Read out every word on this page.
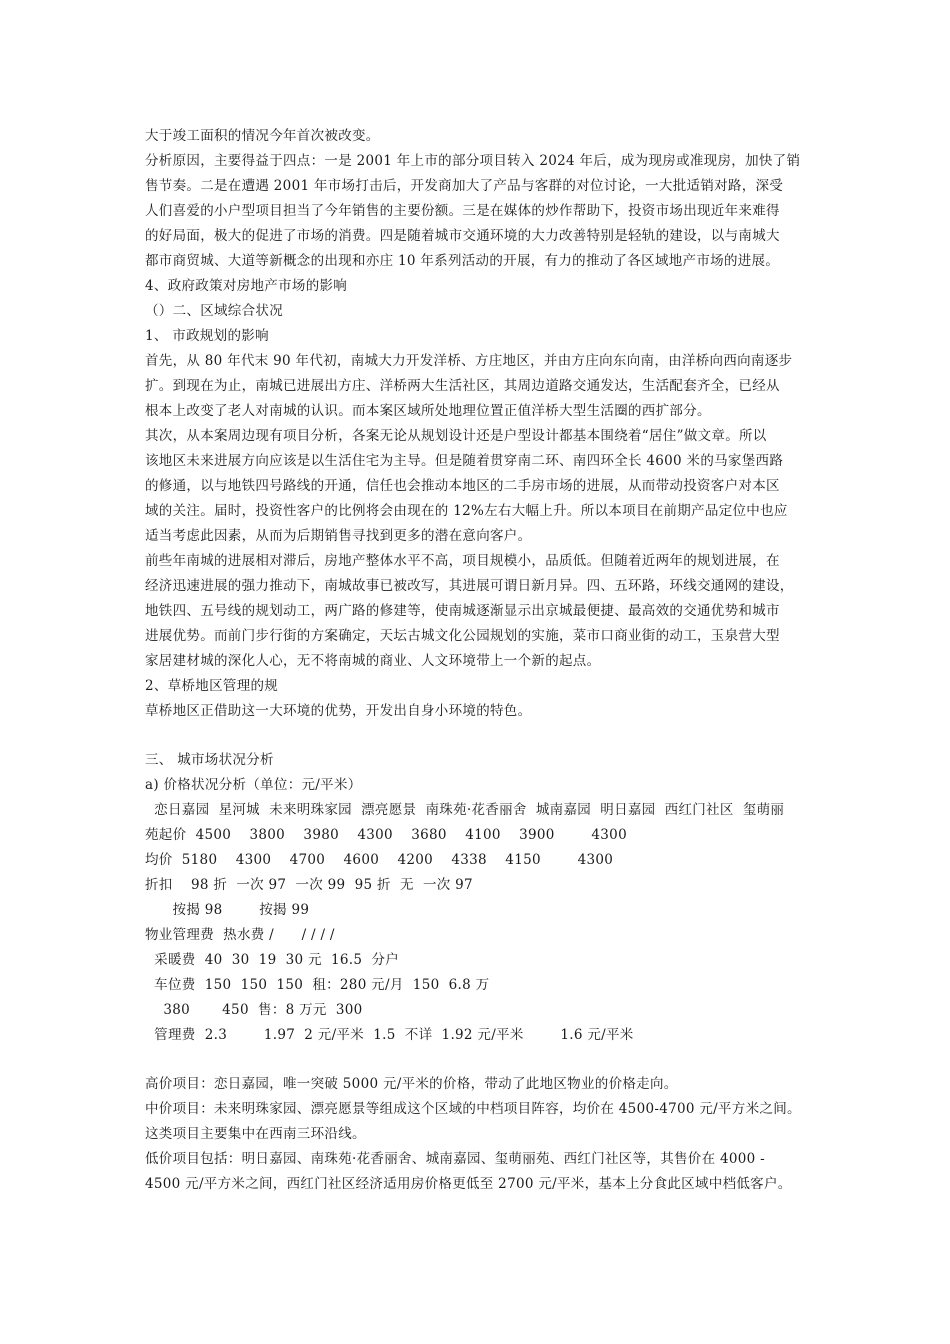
大于竣工面积的情况今年首次被改变。
分析原因，主要得益于四点：一是 2001 年上市的部分项目转入 2024 年后，成为现房或准现房，加快了销
售节奏。二是在遭遇 2001 年市场打击后，开发商加大了产品与客群的对位讨论，一大批适销对路，深受
人们喜爱的小户型项目担当了今年销售的主要份额。三是在媒体的炒作帮助下，投资市场出现近年来难得
的好局面，极大的促进了市场的消费。四是随着城市交通环境的大力改善特别是轻轨的建设，以与南城大
都市商贸城、大道等新概念的出现和亦庄 10 年系列活动的开展，有力的推动了各区域地产市场的进展。
4、政府政策对房地产市场的影响
（）二、区域综合状况
1、 市政规划的影响
首先，从 80 年代末 90 年代初，南城大力开发洋桥、方庄地区，并由方庄向东向南，由洋桥向西向南逐步
扩。到现在为止，南城已进展出方庄、洋桥两大生活社区，其周边道路交通发达，生活配套齐全，已经从
根本上改变了老人对南城的认识。而本案区域所处地理位置正值洋桥大型生活圈的西扩部分。
其次，从本案周边现有项目分析，各案无论从规划设计还是户型设计都基本围绕着“居住”做文章。所以
该地区未来进展方向应该是以生活住宅为主导。但是随着贯穿南二环、南四环全长 4600 米的马家堡西路
的修通，以与地铁四号路线的开通，信任也会推动本地区的二手房市场的进展，从而带动投资客户对本区
域的关注。届时，投资性客户的比例将会由现在的 12%左右大幅上升。所以本项目在前期产品定位中也应
适当考虑此因素，从而为后期销售寻找到更多的潜在意向客户。
前些年南城的进展相对滞后，房地产整体水平不高，项目规模小，品质低。但随着近两年的规划进展，在
经济迅速进展的强力推动下，南城故事已被改写，其进展可谓日新月异。四、五环路，环线交通网的建设，
地铁四、五号线的规划动工，两广路的修建等，使南城逐渐显示出京城最便捷、最高效的交通优势和城市
进展优势。而前门步行街的方案确定，天坛古城文化公园规划的实施，菜市口商业街的动工，玉泉营大型
家居建材城的深化人心，无不将南城的商业、人文环境带上一个新的起点。
2、草桥地区管理的规
草桥地区正借助这一大环境的优势，开发出自身小环境的特色。
三、 城市场状况分析
a) 价格状况分析（单位：元/平米）
恋日嘉园  星河城  未来明珠家园  漂亮愿景  南珠苑·花香丽舍  城南嘉园  明日嘉园  西红门社区  玺萌丽
苑起价  4500    3800    3980    4300    3680    4100    3900        4300
均价  5180    4300    4700    4600    4200    4338    4150        4300
折扣    98 折  一次 97  一次 99  95 折  无  一次 97
按揭 98        按揭 99
物业管理费  热水费 /      / / / /
采暖费  40  30  19  30 元  16.5  分户
车位费  150  150  150  租：280 元/月  150  6.8 万
380       450  售：8 万元  300
管理费  2.3        1.97  2 元/平米  1.5  不详  1.92 元/平米        1.6 元/平米
高价项目：恋日嘉园，唯一突破 5000 元/平米的价格，带动了此地区物业的价格走向。
中价项目：未来明珠家园、漂亮愿景等组成这个区域的中档项目阵容，均价在 4500-4700 元/平方米之间。
这类项目主要集中在西南三环沿线。
低价项目包括：明日嘉园、南珠苑·花香丽舍、城南嘉园、玺萌丽苑、西红门社区等，其售价在 4000 -
4500 元/平方米之间，西红门社区经济适用房价格更低至 2700 元/平米，基本上分食此区域中档低客户。
